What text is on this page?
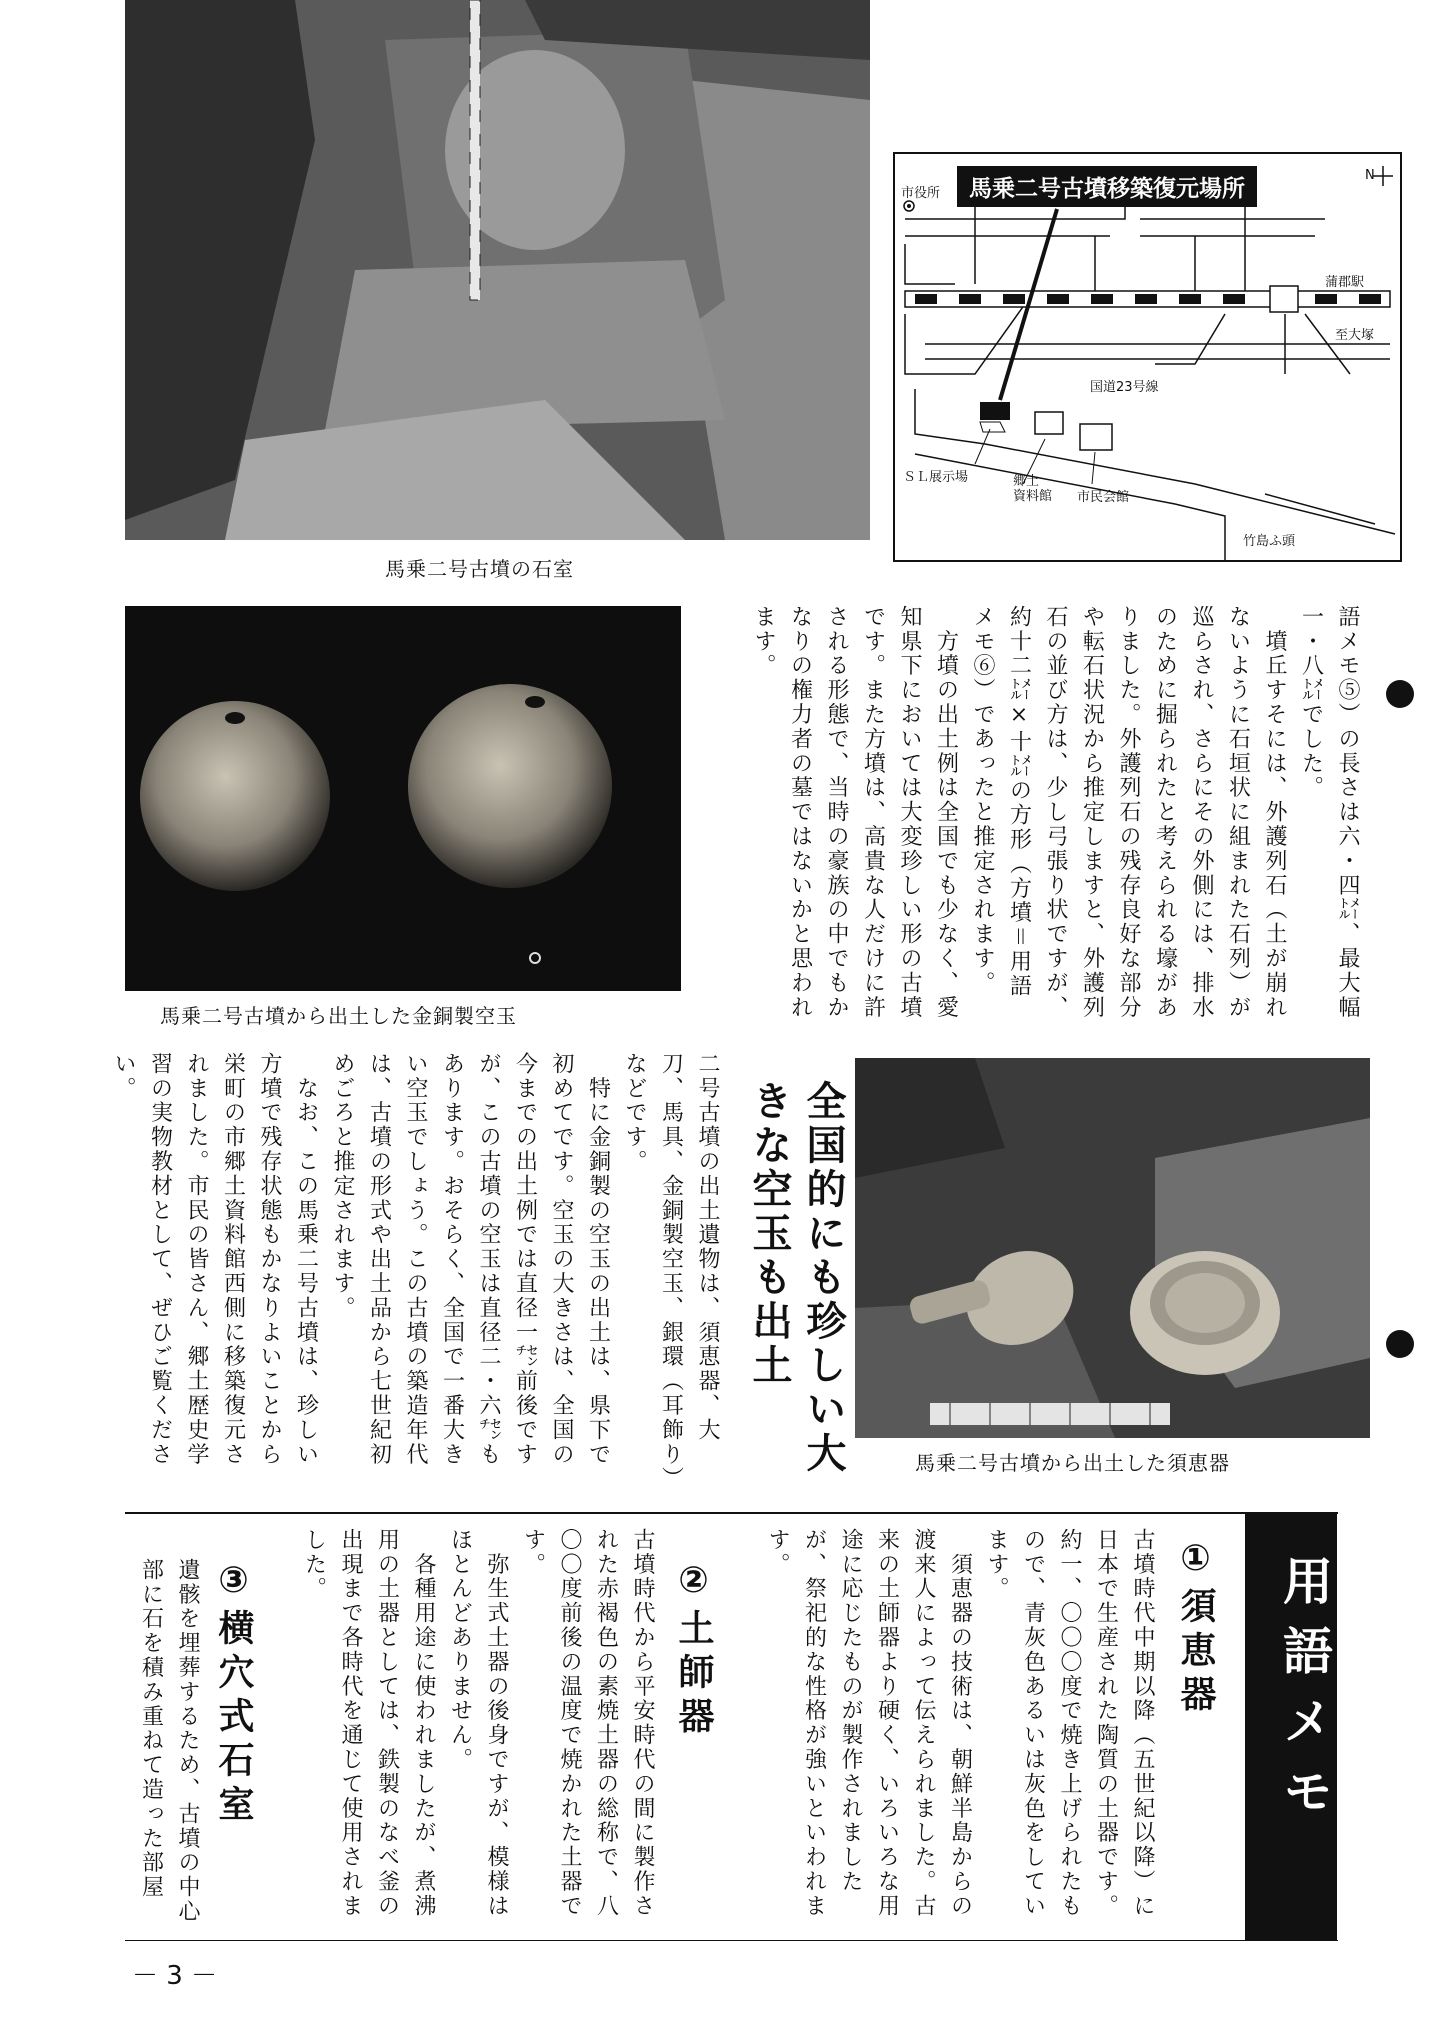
馬乗二号古墳の石室
馬乗二号古墳移築復元場所
N
市役所
蒲郡駅
至大塚
国道23号線
ＳＬ展示場	郷土
資料館 市民会館
竹島ふ頭
馬乗二号古墳から出土した金銅製空玉	語メモ⑤）の長さは六・四㍍、最大幅一・八㍍でした。
　墳丘すそには、外護列石（土が崩れないように石垣状に組まれた石列）が巡らされ、さらにその外側には、排水のために掘られたと考えられる壕がありました。外護列石の残存良好な部分や転石状況から推定しますと、外護列石の並び方は、少し弓張り状ですが、約十二㍍×十㍍の方形（方墳＝用語メモ⑥）であったと推定されます。
　方墳の出土例は全国でも少なく、愛知県下においては大変珍しい形の古墳です。また方墳は、高貴な人だけに許される形態で、当時の豪族の中でもかなりの権力者の墓ではないかと思われます。
馬乗二号古墳から出土した須恵器
全国的にも珍しい大きな空玉も出土
二号古墳の出土遺物は、須恵器、大刀、馬具、金銅製空玉、銀環（耳飾り）などです。
　特に金銅製の空玉の出土は、県下で初めてです。空玉の大きさは、全国の今までの出土例では直径一㌢前後ですが、この古墳の空玉は直径二・六㌢もあります。おそらく、全国で一番大きい空玉でしょう。この古墳の築造年代は、古墳の形式や出土品から七世紀初めごろと推定されます。
　なお、この馬乗二号古墳は、珍しい方墳で残存状態もかなりよいことから栄町の市郷土資料館西側に移築復元されました。市民の皆さん、郷土歴史学習の実物教材として、ぜひご覧ください。
用語メモ
①須恵器
古墳時代中期以降（五世紀以降）に日本で生産された陶質の土器です。約一、〇〇〇度で焼き上げられたもので、青灰色あるいは灰色をしています。
　須恵器の技術は、朝鮮半島からの渡来人によって伝えられました。古来の土師器より硬く、いろいろな用途に応じたものが製作されましたが、祭祀的な性格が強いといわれます。
②土師器
古墳時代から平安時代の間に製作された赤褐色の素焼土器の総称で、八〇〇度前後の温度で焼かれた土器です。
　弥生式土器の後身ですが、模様はほとんどありません。
　各種用途に使われましたが、煮沸用の土器としては、鉄製のなべ釜の出現まで各時代を通じて使用されました。
③横穴式石室
遺骸を埋葬するため、古墳の中心部に石を積み重ねて造った部屋
－ 3 －
